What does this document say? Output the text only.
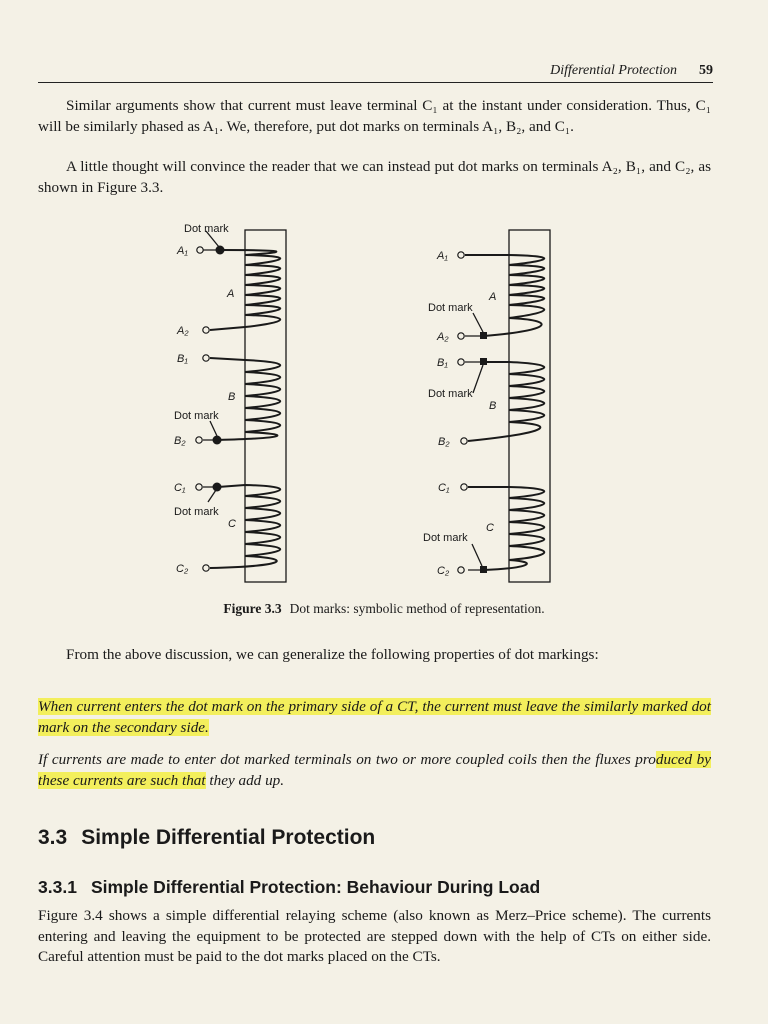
Differential Protection 59

Similar arguments show that current must leave terminal C₁ at the instant under consideration. Thus, C₁ will be similarly phased as A₁. We, therefore, put dot marks on terminals A₁, B₂, and C₁.

A little thought will convince the reader that we can instead put dot marks on terminals A₂, B₁, and C₂, as shown in Figure 3.3.

Dot mark
A₁
A
A₂
B₁
B
Dot mark
B₂
C₁
Dot mark
C
C₂
A₁
A
Dot mark
A₂
B₁
Dot mark
B
B₂
C₁
C
Dot mark
C₂
Figure 3.3 Dot marks: symbolic method of representation.

From the above discussion, we can generalize the following properties of dot markings:

When current enters the dot mark on the primary side of a CT, the current must leave the similarly marked dot mark on the secondary side.

If currents are made to enter dot marked terminals on two or more coupled coils then the fluxes produced by these currents are such that they add up.

3.3 Simple Differential Protection
3.3.1 Simple Differential Protection: Behaviour During Load

Figure 3.4 shows a simple differential relaying scheme (also known as Merz–Price scheme). The currents entering and leaving the equipment to be protected are stepped down with the help of CTs on either side. Careful attention must be paid to the dot marks placed on the CTs.
